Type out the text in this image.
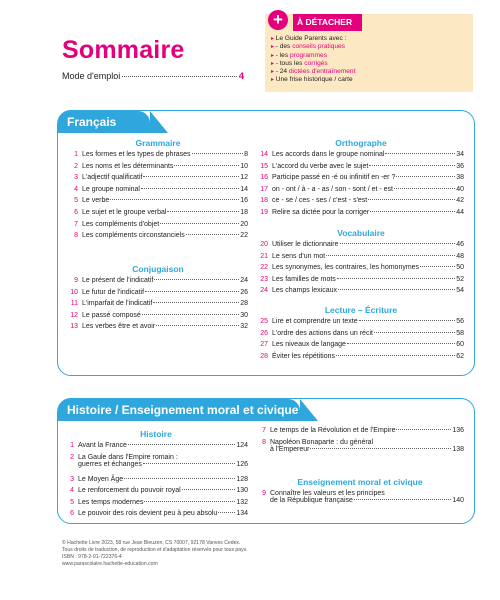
Sommaire
Mode d'emploi	4
+	À DÉTACHER
▸ Le Guide Parents avec :
▸ - des conseils pratiques
▸ - les programmes
▸ - tous les corrigés
▸ - 24 dictées d'entraînement
▸ Une frise historique / carte
Français
Grammaire
1 Les formes et les types de phrases	8
2 Les noms et les déterminants	10
3 L'adjectif qualificatif	12
4 Le groupe nominal	14
5 Le verbe	16
6 Le sujet et le groupe verbal	18
7 Les compléments d'objet	20
8 Les compléments circonstanciels	22
Conjugaison
9 Le présent de l'indicatif	24
10 Le futur de l'indicatif	26
11 L'imparfait de l'indicatif	28
12 Le passé composé	30
13 Les verbes être et avoir	32
Orthographe
14 Les accords dans le groupe nominal	34
15 L'accord du verbe avec le sujet	36
16 Participe passé en -é ou infinitif en -er ?	38
17 on - ont / à - a - as / son - sont / et - est	40
18 ce - se / ces - ses / c'est - s'est	42
19 Relire sa dictée pour la corriger	44
Vocabulaire
20 Utiliser le dictionnaire	46
21 Le sens d'un mot	48
22 Les synonymes, les contraires, les homonymes	50
23 Les familles de mots	52
24 Les champs lexicaux	54
Lecture – Écriture
25 Lire et comprendre un texte	56
26 L'ordre des actions dans un récit	58
27 Les niveaux de langage	60
28 Éviter les répétitions	62
Histoire / Enseignement moral et civique
Histoire
1 Avant la France	124
2 La Gaule dans l'Empire romain :
guerres et échanges	126
3 Le Moyen Âge	128
4 Le renforcement du pouvoir royal	130
5 Les temps modernes	132
6 Le pouvoir des rois devient peu à peu absolu	134
7 Le temps de la Révolution et de l'Empire	136
8 Napoléon Bonaparte : du général
à l'Empereur	138
Enseignement moral et civique
9 Connaître les valeurs et les principes
de la République française	140
© Hachette Livre 2023, 58 rue Jean Bleuzen, CS 70007, 92178 Vanves Cedex.
Tous droits de traduction, de reproduction et d'adaptation réservés pour tous pays.
ISBN : 978-2-01-722376-4
www.parascolaire.hachette-education.com
